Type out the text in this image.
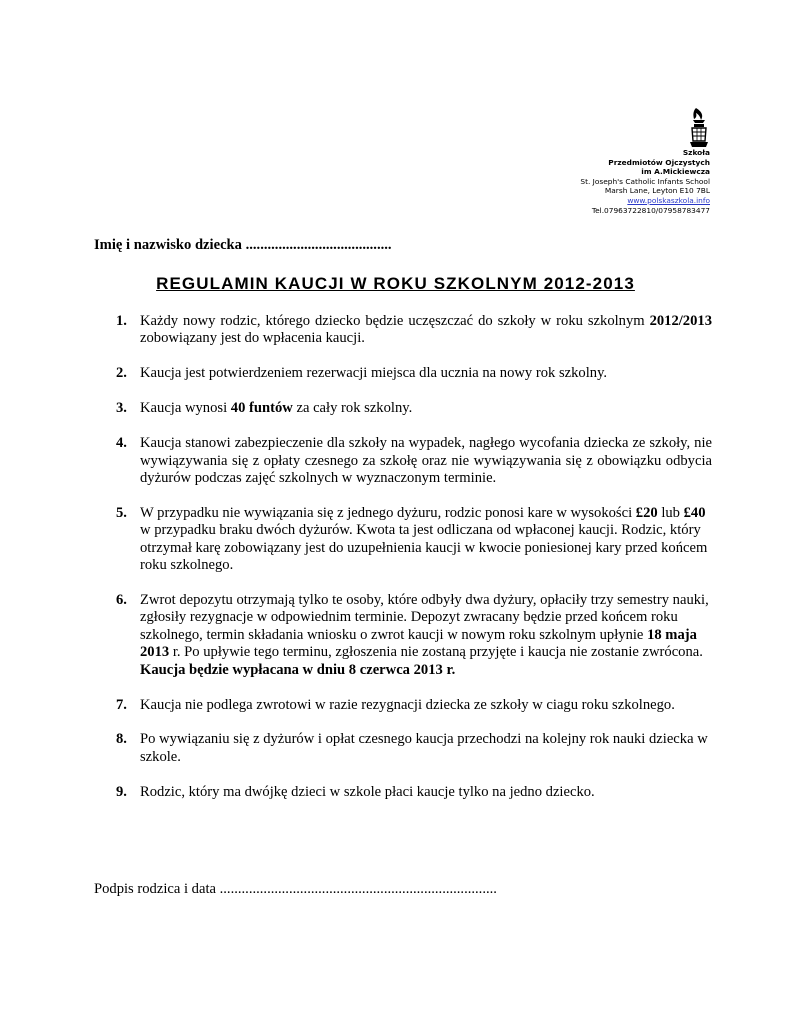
Szkoła
Przedmiotów Ojczystych
im A.Mickiewcza
St. Joseph's Catholic Infants School
Marsh Lane, Leyton E10 7BL
www.polskaszkola.info
Tel.07963722810/07958783477
Imię i nazwisko dziecka ........................................
REGULAMIN KAUCJI W ROKU SZKOLNYM 2012-2013
1. Każdy nowy rodzic, którego dziecko będzie uczęszczać do szkoły w roku szkolnym 2012/2013 zobowiązany jest do wpłacenia kaucji.
2. Kaucja jest potwierdzeniem rezerwacji miejsca dla ucznia na nowy rok szkolny.
3. Kaucja wynosi 40 funtów za cały rok szkolny.
4. Kaucja stanowi zabezpieczenie dla szkoły na wypadek, nagłego wycofania dziecka ze szkoły, nie wywiązywania się z opłaty czesnego za szkołę oraz nie wywiązywania się z obowiązku odbycia dyżurów podczas zajęć szkolnych w wyznaczonym terminie.
5. W przypadku nie wywiązania się z jednego dyżuru, rodzic ponosi kare w wysokości £20 lub £40 w przypadku braku dwóch dyżurów. Kwota ta jest odliczana od wpłaconej kaucji. Rodzic, który otrzymał karę zobowiązany jest do uzupełnienia kaucji w kwocie poniesionej kary przed końcem roku szkolnego.
6. Zwrot depozytu otrzymają tylko te osoby, które odbyły dwa dyżury, opłaciły trzy semestry nauki, zgłosiły rezygnacje w odpowiednim terminie. Depozyt zwracany będzie przed końcem roku szkolnego, termin składania wniosku o zwrot kaucji w nowym roku szkolnym upłynie 18 maja 2013 r. Po upływie tego terminu, zgłoszenia nie zostaną przyjęte i kaucja nie zostanie zwrócona. Kaucja będzie wypłacana w dniu 8 czerwca 2013 r.
7. Kaucja nie podlega zwrotowi w razie rezygnacji dziecka ze szkoły w ciagu roku szkolnego.
8. Po wywiązaniu się z dyżurów i opłat czesnego kaucja przechodzi na kolejny rok nauki dziecka w szkole.
9. Rodzic, który ma dwójkę dzieci w szkole płaci kaucje tylko na jedno dziecko.
Podpis rodzica i data ............................................................................
